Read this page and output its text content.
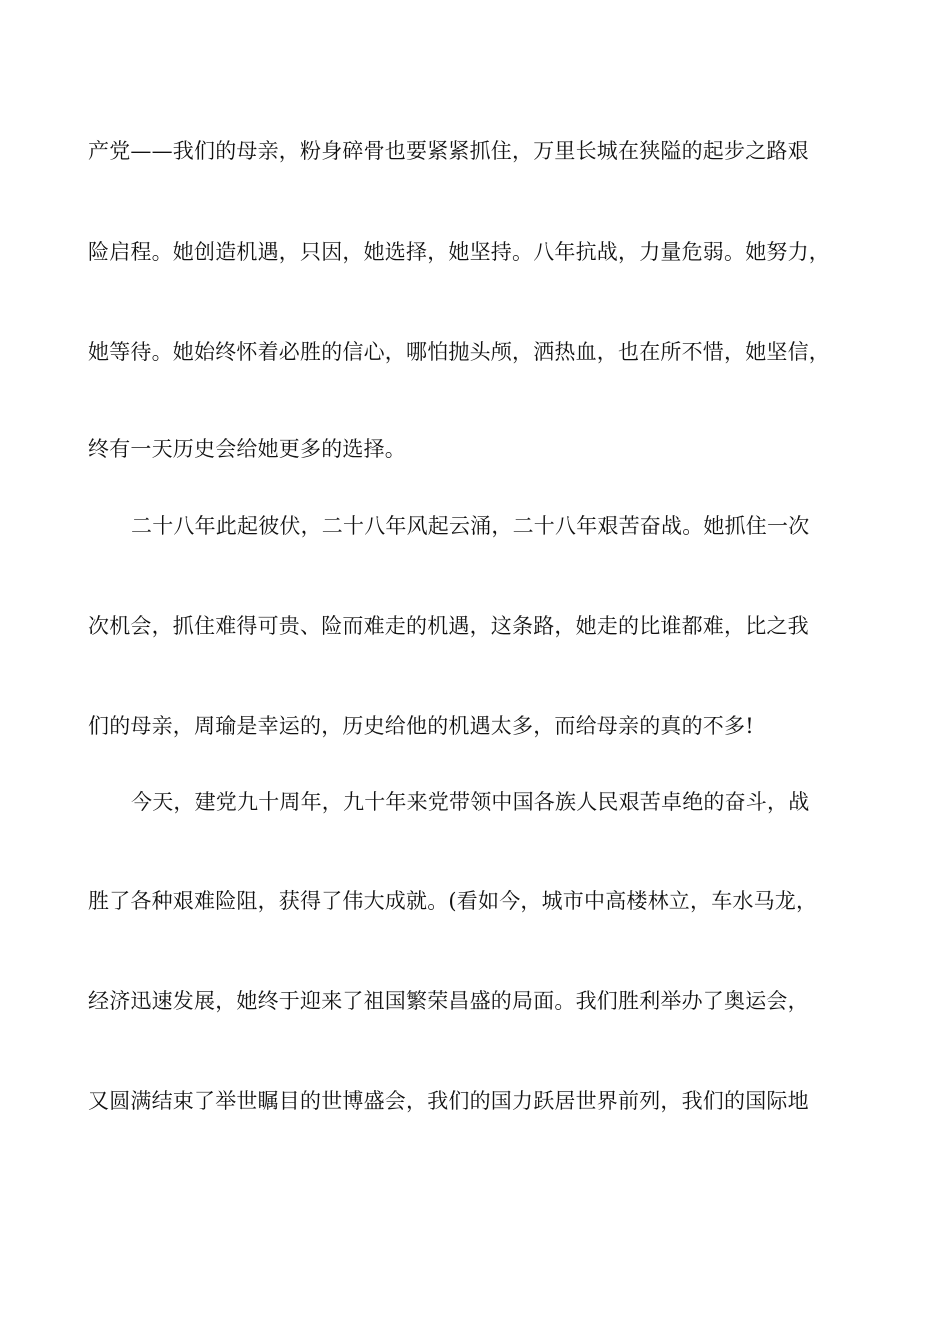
产党——我们的母亲，粉身碎骨也要紧紧抓住，万里长城在狭隘的起步之路艰
险启程。她创造机遇，只因，她选择，她坚持。八年抗战，力量危弱。她努力，
她等待。她始终怀着必胜的信心，哪怕抛头颅，洒热血，也在所不惜，她坚信，
终有一天历史会给她更多的选择。
二十八年此起彼伏，二十八年风起云涌，二十八年艰苦奋战。她抓住一次
次机会，抓住难得可贵、险而难走的机遇，这条路，她走的比谁都难，比之我
们的母亲，周瑜是幸运的，历史给他的机遇太多，而给母亲的真的不多!
今天，建党九十周年，九十年来党带领中国各族人民艰苦卓绝的奋斗，战
胜了各种艰难险阻，获得了伟大成就。(看如今，城市中高楼林立，车水马龙，
经济迅速发展，她终于迎来了祖国繁荣昌盛的局面。我们胜利举办了奥运会，
又圆满结束了举世瞩目的世博盛会，我们的国力跃居世界前列，我们的国际地
